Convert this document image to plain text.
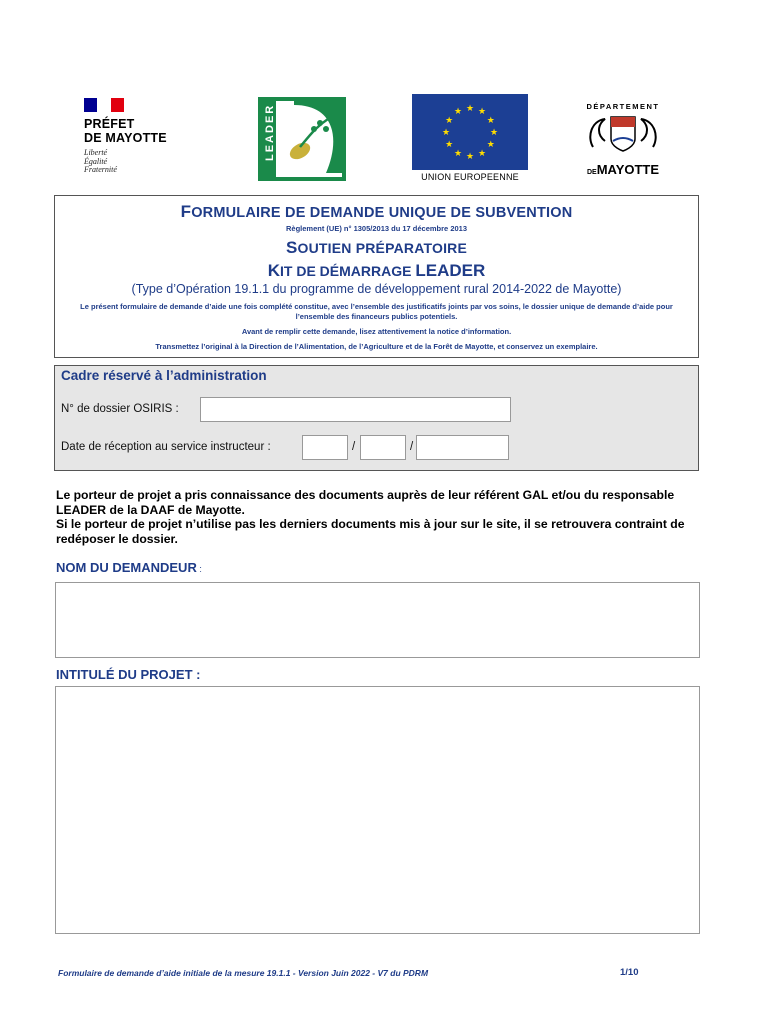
PRÉFET
DE MAYOTTE
Liberté
Égalité
Fraternité
LEADER	★ ★
★
★
★
★
★
★
★
★
★
★
UNION EUROPEENNE
DÉPARTEMENT
DEMAYOTTE
FORMULAIRE DE DEMANDE UNIQUE DE SUBVENTION
Règlement (UE) n° 1305/2013 du 17 décembre 2013
SOUTIEN PRÉPARATOIRE
KIT DE DÉMARRAGE LEADER
(Type d’Opération 19.1.1 du programme de développement rural 2014-2022 de Mayotte)
Le présent formulaire de demande d’aide une fois complété constitue, avec l’ensemble des justificatifs joints par vos soins, le dossier unique de demande d’aide pour l’ensemble des financeurs publics potentiels.
Avant de remplir cette demande, lisez attentivement la notice d’information.
Transmettez l’original à la Direction de l’Alimentation, de l’Agriculture et de la Forêt de Mayotte, et conservez un exemplaire.
Cadre réservé à l’administration
N° de dossier OSIRIS :
Date de réception au service instructeur :	/	/
Le porteur de projet a pris connaissance des documents auprès de leur référent GAL et/ou du responsable LEADER de la DAAF de Mayotte.
Si le porteur de projet n’utilise pas les derniers documents mis à jour sur le site, il se retrouvera contraint de redéposer le dossier.
NOM DU DEMANDEUR :
INTITULÉ DU PROJET :
Formulaire de demande d’aide initiale de la mesure 19.1.1 - Version Juin 2022 - V7 du PDRM	1/10
